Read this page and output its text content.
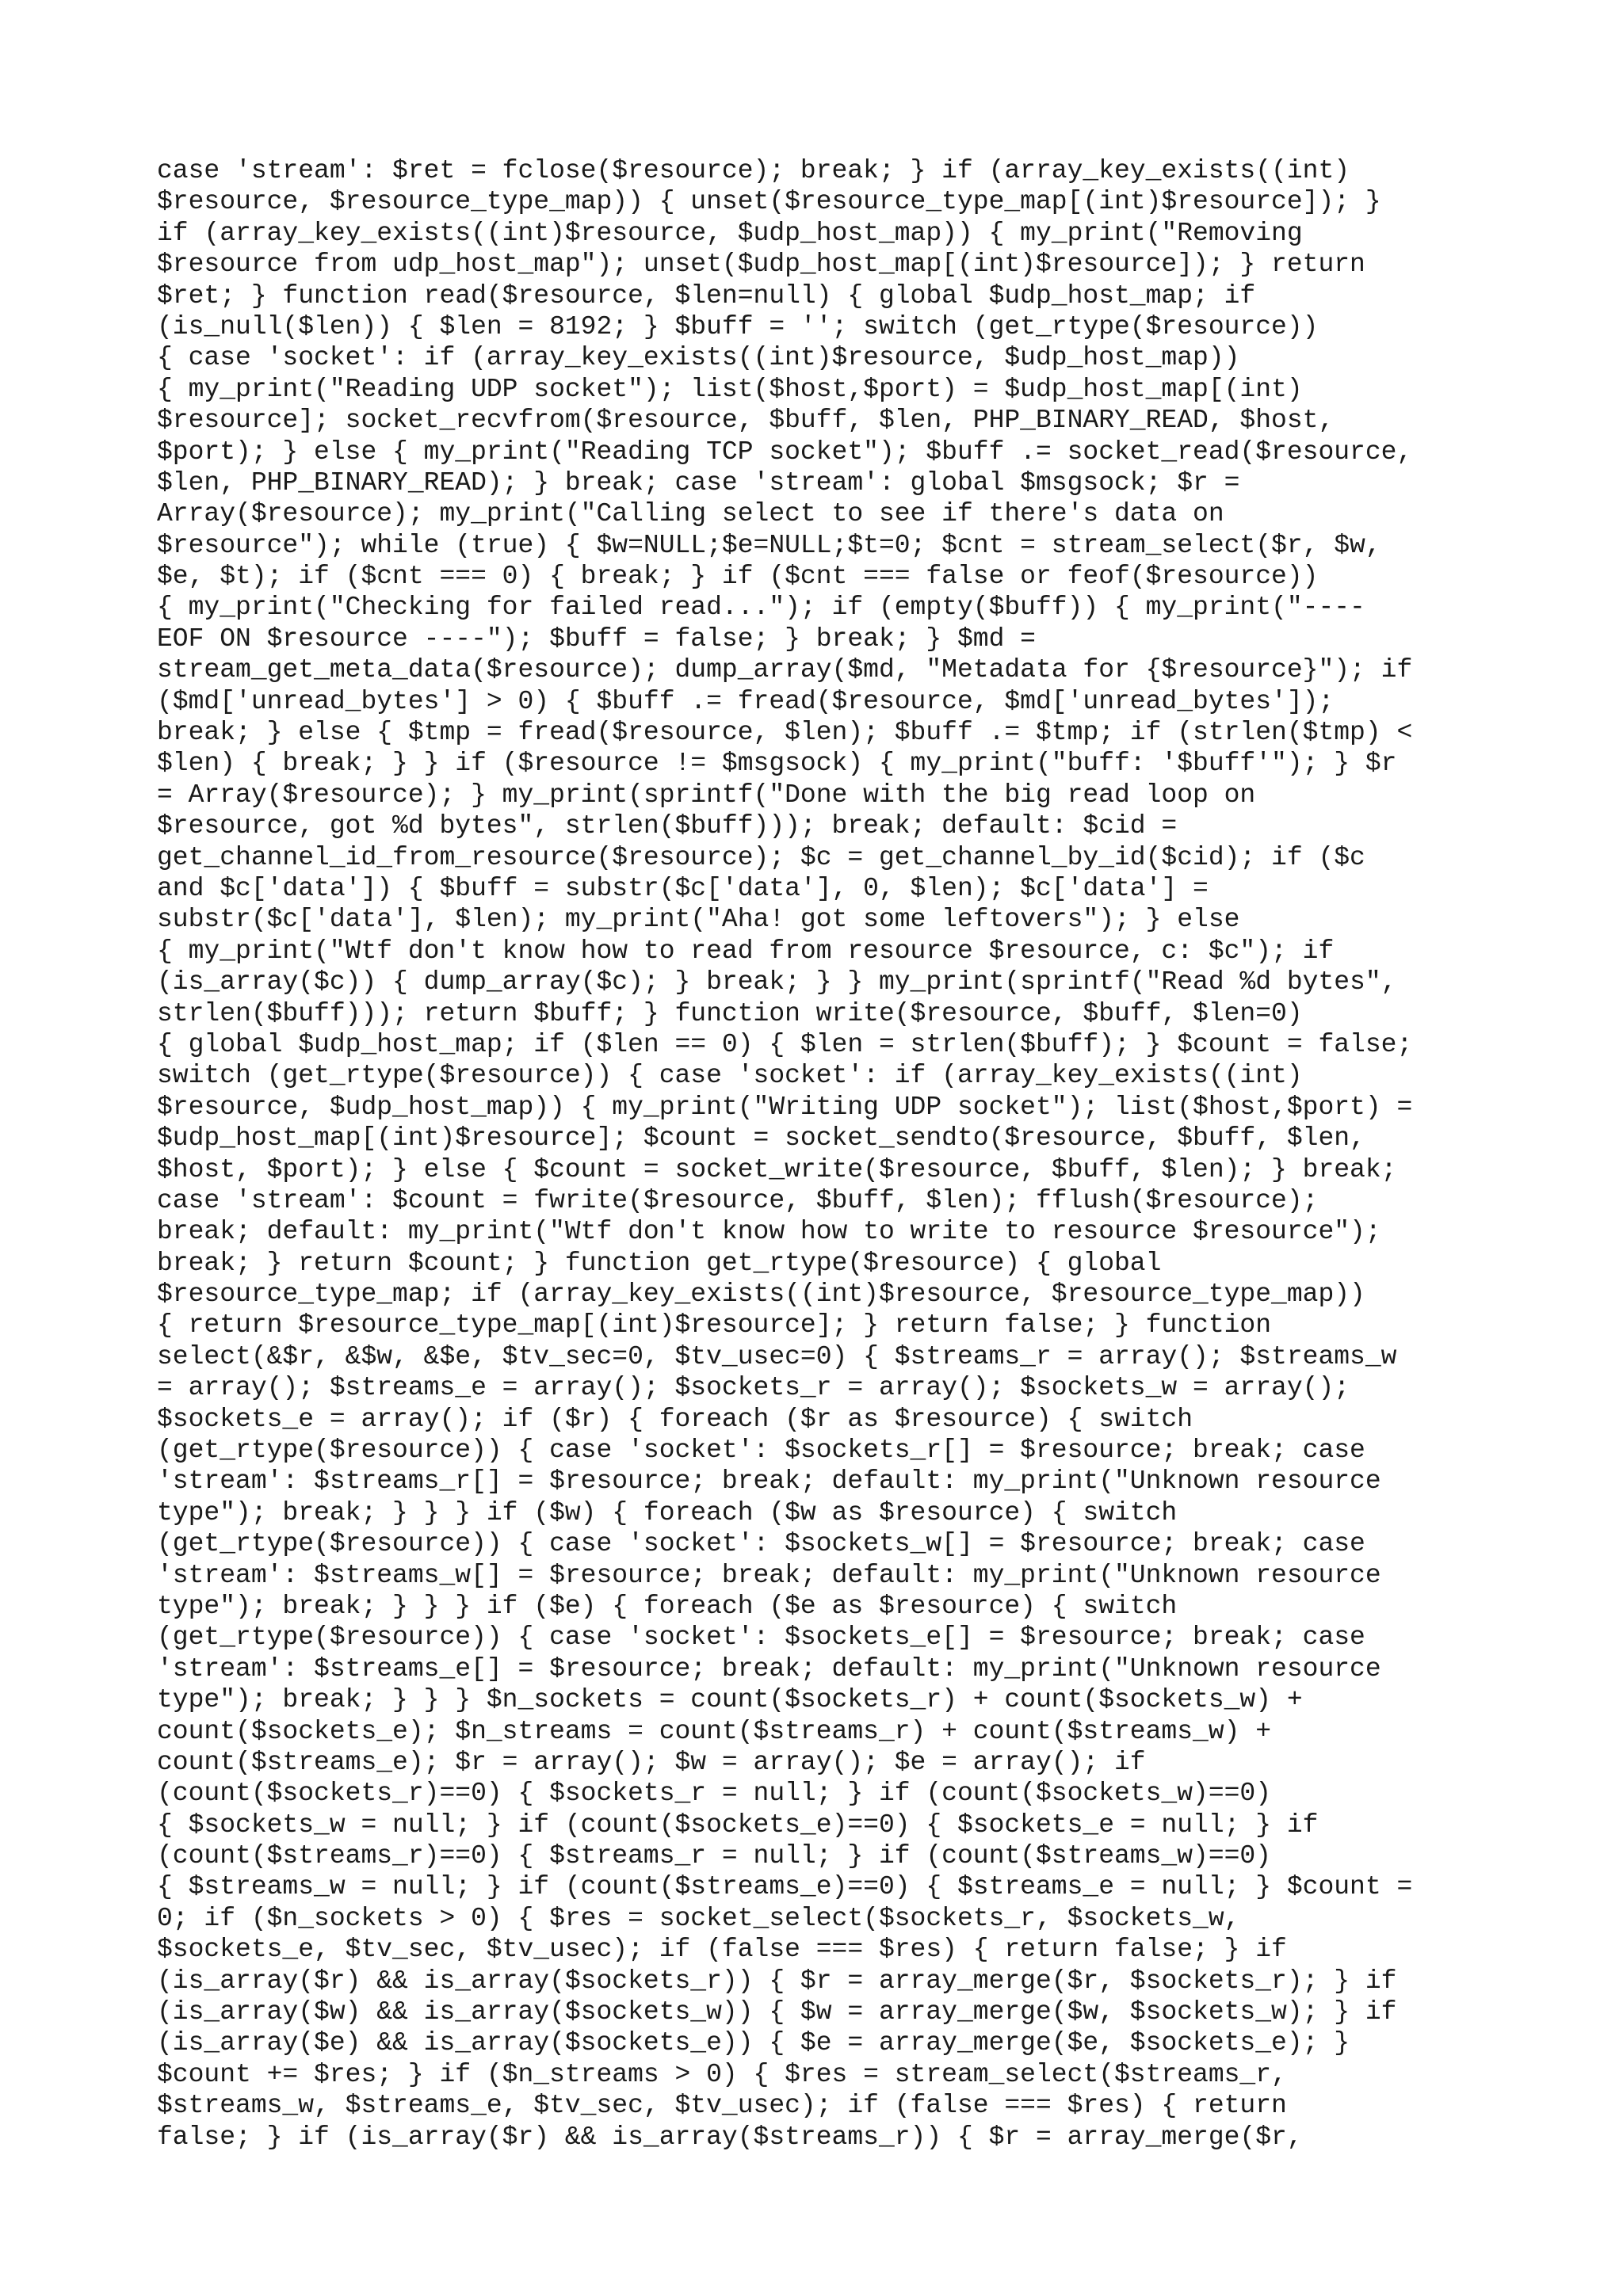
case 'stream': $ret = fclose($resource); break; } if (array_key_exists((int)
$resource, $resource_type_map)) { unset($resource_type_map[(int)$resource]); }
if (array_key_exists((int)$resource, $udp_host_map)) { my_print("Removing
$resource from udp_host_map"); unset($udp_host_map[(int)$resource]); } return
$ret; } function read($resource, $len=null) { global $udp_host_map; if
(is_null($len)) { $len = 8192; } $buff = ''; switch (get_rtype($resource))
{ case 'socket': if (array_key_exists((int)$resource, $udp_host_map))
{ my_print("Reading UDP socket"); list($host,$port) = $udp_host_map[(int)
$resource]; socket_recvfrom($resource, $buff, $len, PHP_BINARY_READ, $host,
$port); } else { my_print("Reading TCP socket"); $buff .= socket_read($resource,
$len, PHP_BINARY_READ); } break; case 'stream': global $msgsock; $r =
Array($resource); my_print("Calling select to see if there's data on
$resource"); while (true) { $w=NULL;$e=NULL;$t=0; $cnt = stream_select($r, $w,
$e, $t); if ($cnt === 0) { break; } if ($cnt === false or feof($resource))
{ my_print("Checking for failed read..."); if (empty($buff)) { my_print("----
EOF ON $resource ----"); $buff = false; } break; } $md =
stream_get_meta_data($resource); dump_array($md, "Metadata for {$resource}"); if
($md['unread_bytes'] > 0) { $buff .= fread($resource, $md['unread_bytes']);
break; } else { $tmp = fread($resource, $len); $buff .= $tmp; if (strlen($tmp) <
$len) { break; } } if ($resource != $msgsock) { my_print("buff: '$buff'"); } $r
= Array($resource); } my_print(sprintf("Done with the big read loop on
$resource, got %d bytes", strlen($buff))); break; default: $cid =
get_channel_id_from_resource($resource); $c = get_channel_by_id($cid); if ($c
and $c['data']) { $buff = substr($c['data'], 0, $len); $c['data'] =
substr($c['data'], $len); my_print("Aha! got some leftovers"); } else
{ my_print("Wtf don't know how to read from resource $resource, c: $c"); if
(is_array($c)) { dump_array($c); } break; } } my_print(sprintf("Read %d bytes",
strlen($buff))); return $buff; } function write($resource, $buff, $len=0)
{ global $udp_host_map; if ($len == 0) { $len = strlen($buff); } $count = false;
switch (get_rtype($resource)) { case 'socket': if (array_key_exists((int)
$resource, $udp_host_map)) { my_print("Writing UDP socket"); list($host,$port) =
$udp_host_map[(int)$resource]; $count = socket_sendto($resource, $buff, $len,
$host, $port); } else { $count = socket_write($resource, $buff, $len); } break;
case 'stream': $count = fwrite($resource, $buff, $len); fflush($resource);
break; default: my_print("Wtf don't know how to write to resource $resource");
break; } return $count; } function get_rtype($resource) { global
$resource_type_map; if (array_key_exists((int)$resource, $resource_type_map))
{ return $resource_type_map[(int)$resource]; } return false; } function
select(&$r, &$w, &$e, $tv_sec=0, $tv_usec=0) { $streams_r = array(); $streams_w
= array(); $streams_e = array(); $sockets_r = array(); $sockets_w = array();
$sockets_e = array(); if ($r) { foreach ($r as $resource) { switch
(get_rtype($resource)) { case 'socket': $sockets_r[] = $resource; break; case
'stream': $streams_r[] = $resource; break; default: my_print("Unknown resource
type"); break; } } } if ($w) { foreach ($w as $resource) { switch
(get_rtype($resource)) { case 'socket': $sockets_w[] = $resource; break; case
'stream': $streams_w[] = $resource; break; default: my_print("Unknown resource
type"); break; } } } if ($e) { foreach ($e as $resource) { switch
(get_rtype($resource)) { case 'socket': $sockets_e[] = $resource; break; case
'stream': $streams_e[] = $resource; break; default: my_print("Unknown resource
type"); break; } } } $n_sockets = count($sockets_r) + count($sockets_w) +
count($sockets_e); $n_streams = count($streams_r) + count($streams_w) +
count($streams_e); $r = array(); $w = array(); $e = array(); if
(count($sockets_r)==0) { $sockets_r = null; } if (count($sockets_w)==0)
{ $sockets_w = null; } if (count($sockets_e)==0) { $sockets_e = null; } if
(count($streams_r)==0) { $streams_r = null; } if (count($streams_w)==0)
{ $streams_w = null; } if (count($streams_e)==0) { $streams_e = null; } $count =
0; if ($n_sockets > 0) { $res = socket_select($sockets_r, $sockets_w,
$sockets_e, $tv_sec, $tv_usec); if (false === $res) { return false; } if
(is_array($r) && is_array($sockets_r)) { $r = array_merge($r, $sockets_r); } if
(is_array($w) && is_array($sockets_w)) { $w = array_merge($w, $sockets_w); } if
(is_array($e) && is_array($sockets_e)) { $e = array_merge($e, $sockets_e); }
$count += $res; } if ($n_streams > 0) { $res = stream_select($streams_r,
$streams_w, $streams_e, $tv_sec, $tv_usec); if (false === $res) { return
false; } if (is_array($r) && is_array($streams_r)) { $r = array_merge($r,
